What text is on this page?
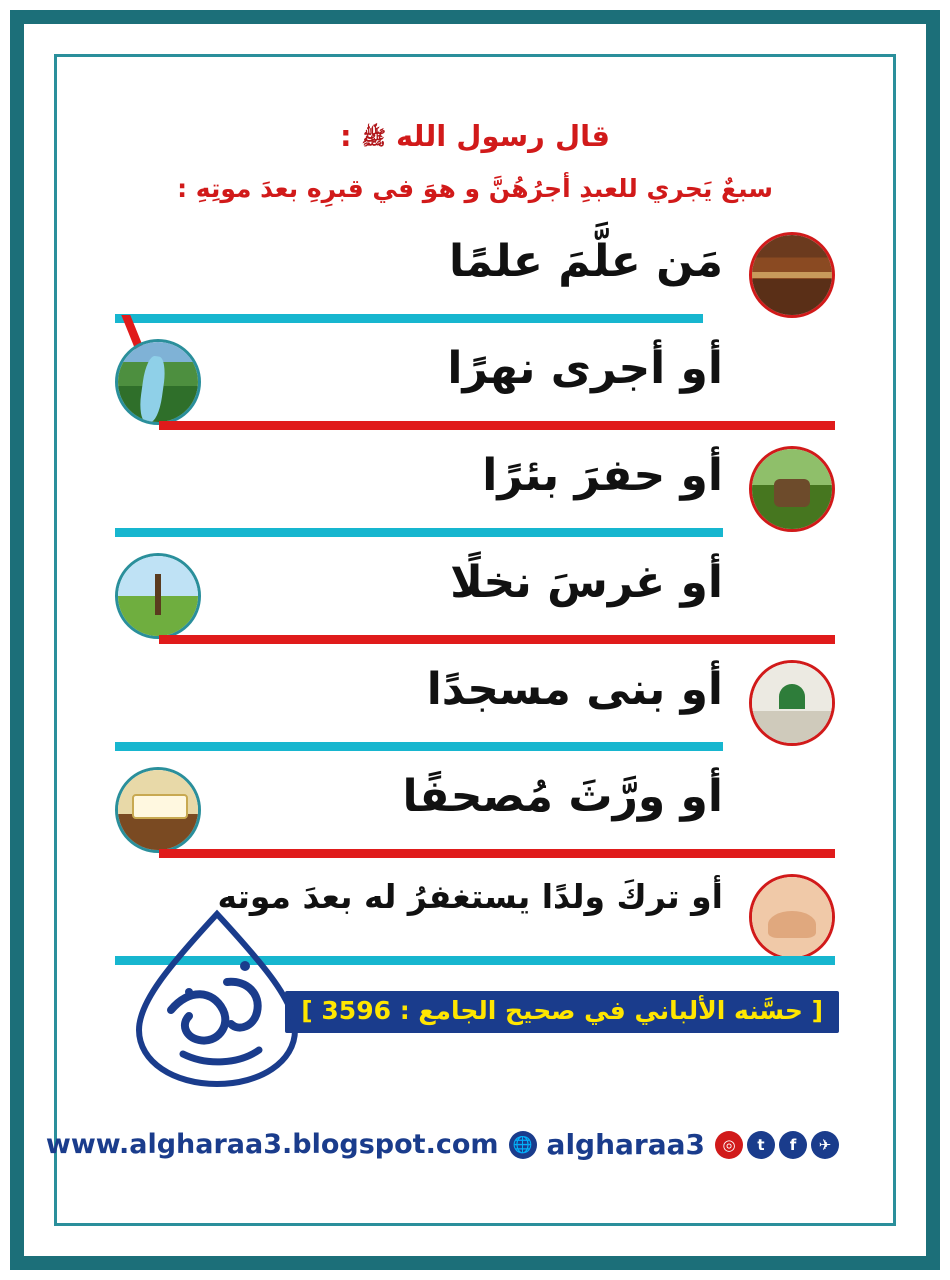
قال رسول الله ﷺ :
سبعٌ يَجري للعبدِ أجرُهُنَّ و هوَ في قبرِهِ بعدَ موتِهِ :
مَن علَّمَ علمًا
أو أجرى نهرًا
أو حفرَ بئرًا
أو غرسَ نخلًا
أو بنى مسجدًا
أو ورَّثَ مُصحفًا
أو تركَ ولدًا يستغفرُ له بعدَ موته
[ حسَّنه الألباني في صحيح الجامع : 3596 ]
✈
f
t
◎
algharaa3
🌐
www.algharaa3.blogspot.com
